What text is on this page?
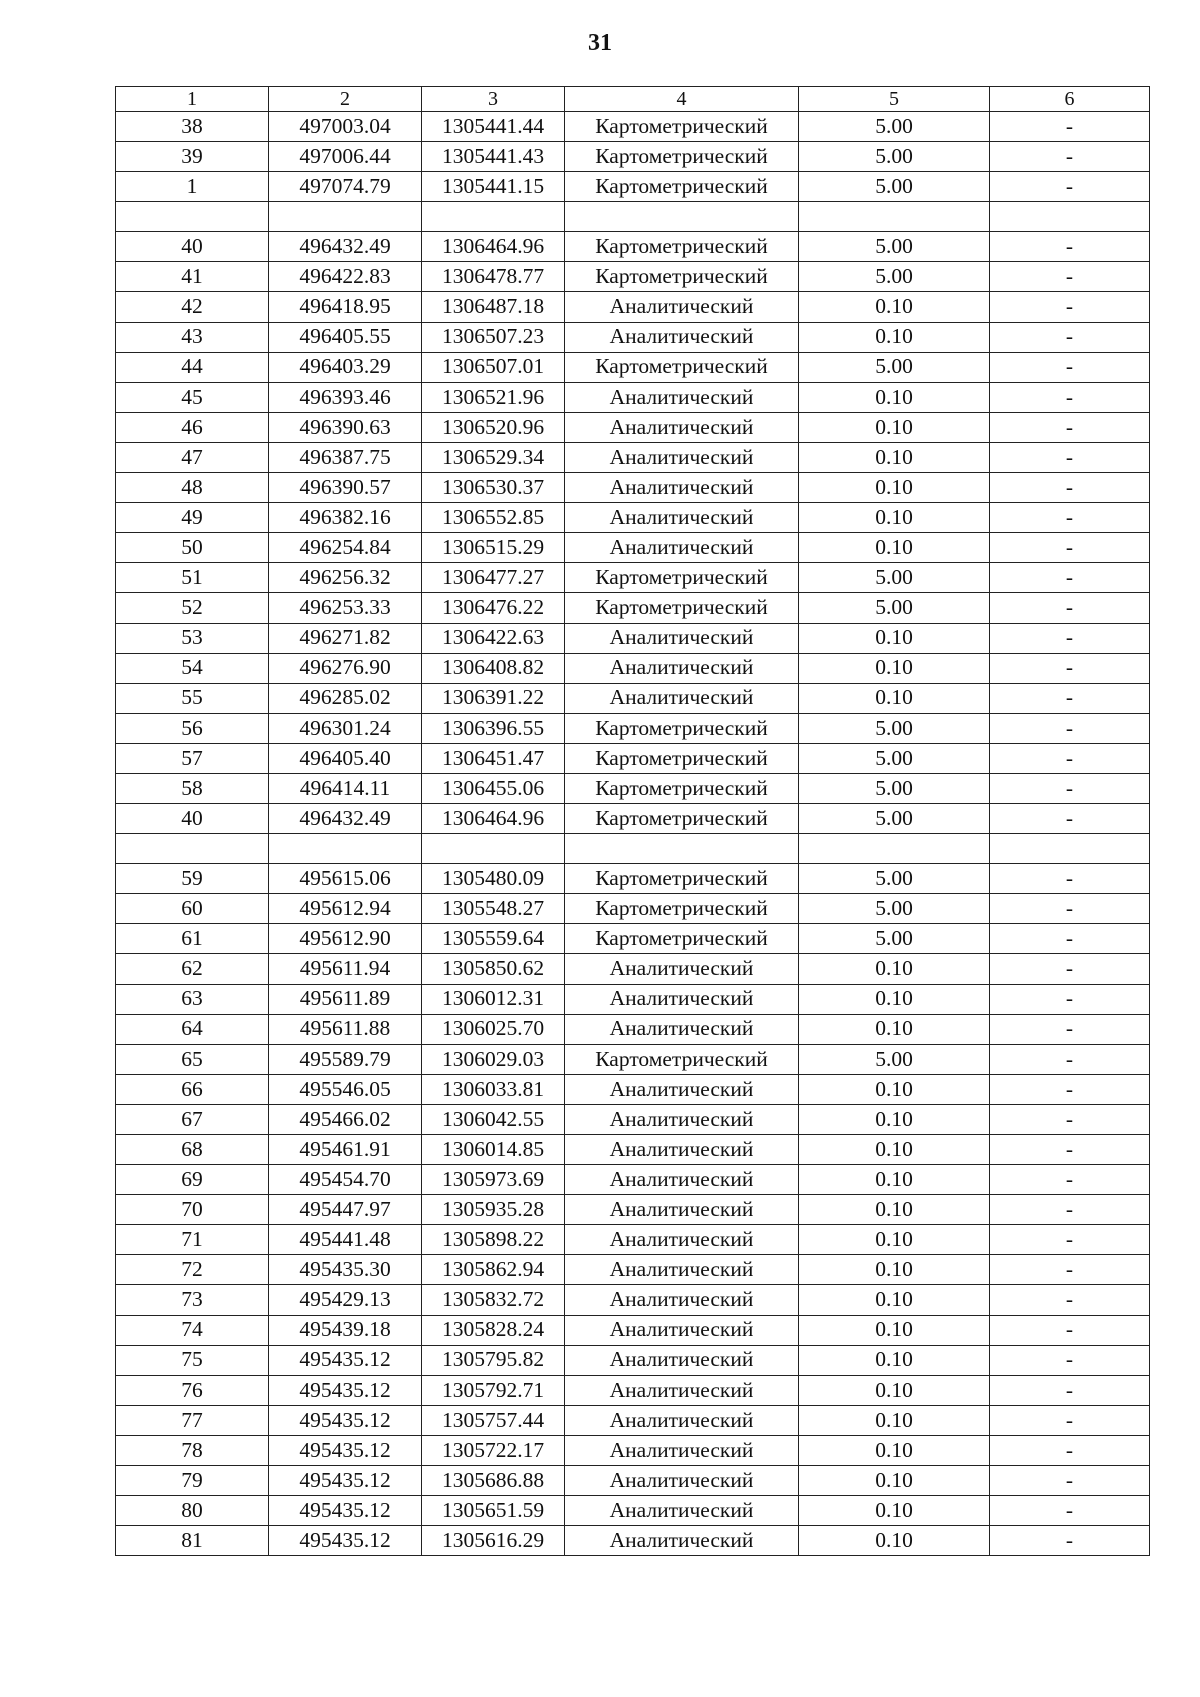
31
1	2	3	4	5	6
38	497003.04	1305441.44	Картометрический	5.00	-
39	497006.44	1305441.43	Картометрический	5.00	-
1	497074.79	1305441.15	Картометрический	5.00	-

40	496432.49	1306464.96	Картометрический	5.00	-
41	496422.83	1306478.77	Картометрический	5.00	-
42	496418.95	1306487.18	Аналитический	0.10	-
43	496405.55	1306507.23	Аналитический	0.10	-
44	496403.29	1306507.01	Картометрический	5.00	-
45	496393.46	1306521.96	Аналитический	0.10	-
46	496390.63	1306520.96	Аналитический	0.10	-
47	496387.75	1306529.34	Аналитический	0.10	-
48	496390.57	1306530.37	Аналитический	0.10	-
49	496382.16	1306552.85	Аналитический	0.10	-
50	496254.84	1306515.29	Аналитический	0.10	-
51	496256.32	1306477.27	Картометрический	5.00	-
52	496253.33	1306476.22	Картометрический	5.00	-
53	496271.82	1306422.63	Аналитический	0.10	-
54	496276.90	1306408.82	Аналитический	0.10	-
55	496285.02	1306391.22	Аналитический	0.10	-
56	496301.24	1306396.55	Картометрический	5.00	-
57	496405.40	1306451.47	Картометрический	5.00	-
58	496414.11	1306455.06	Картометрический	5.00	-
40	496432.49	1306464.96	Картометрический	5.00	-

59	495615.06	1305480.09	Картометрический	5.00	-
60	495612.94	1305548.27	Картометрический	5.00	-
61	495612.90	1305559.64	Картометрический	5.00	-
62	495611.94	1305850.62	Аналитический	0.10	-
63	495611.89	1306012.31	Аналитический	0.10	-
64	495611.88	1306025.70	Аналитический	0.10	-
65	495589.79	1306029.03	Картометрический	5.00	-
66	495546.05	1306033.81	Аналитический	0.10	-
67	495466.02	1306042.55	Аналитический	0.10	-
68	495461.91	1306014.85	Аналитический	0.10	-
69	495454.70	1305973.69	Аналитический	0.10	-
70	495447.97	1305935.28	Аналитический	0.10	-
71	495441.48	1305898.22	Аналитический	0.10	-
72	495435.30	1305862.94	Аналитический	0.10	-
73	495429.13	1305832.72	Аналитический	0.10	-
74	495439.18	1305828.24	Аналитический	0.10	-
75	495435.12	1305795.82	Аналитический	0.10	-
76	495435.12	1305792.71	Аналитический	0.10	-
77	495435.12	1305757.44	Аналитический	0.10	-
78	495435.12	1305722.17	Аналитический	0.10	-
79	495435.12	1305686.88	Аналитический	0.10	-
80	495435.12	1305651.59	Аналитический	0.10	-
81	495435.12	1305616.29	Аналитический	0.10	-
